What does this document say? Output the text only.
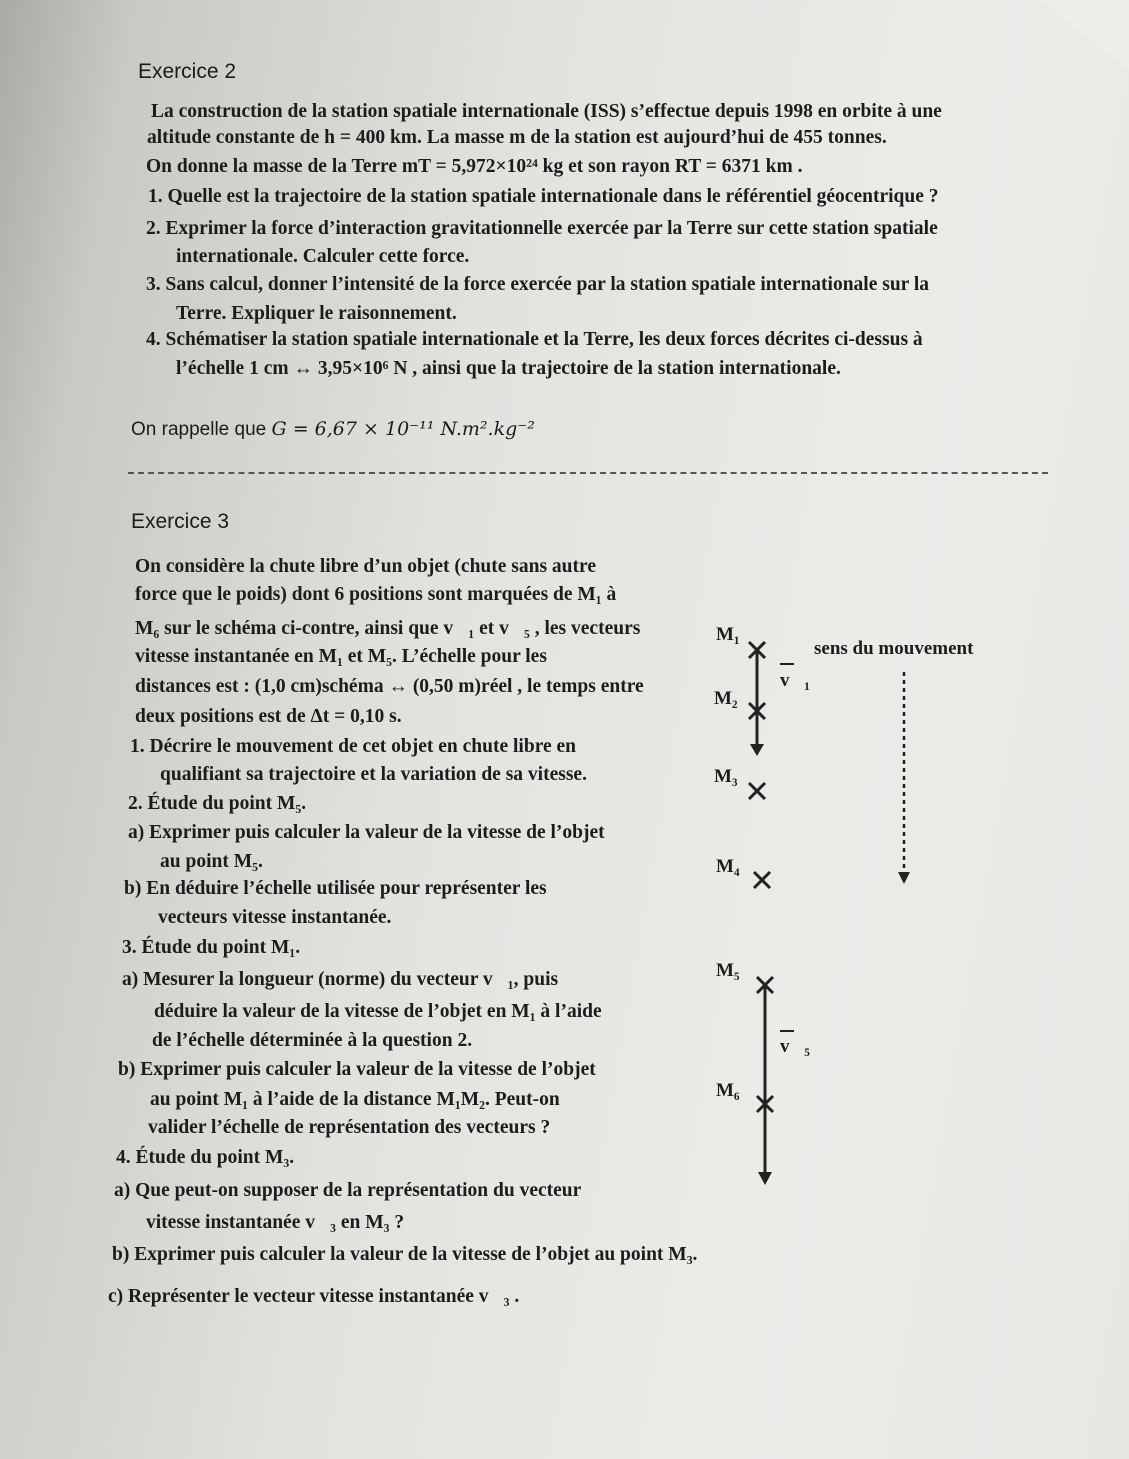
Exercice 2
La construction de la station spatiale internationale (ISS) s’effectue depuis 1998 en orbite à une
altitude constante de h = 400 km. La masse m de la station est aujourd’hui de 455 tonnes.
On donne la masse de la Terre mT = 5,972×10²⁴ kg et son rayon RT = 6371 km .
1. Quelle est la trajectoire de la station spatiale internationale dans le référentiel géocentrique ?
2. Exprimer la force d’interaction gravitationnelle exercée par la Terre sur cette station spatiale
internationale. Calculer cette force.
3. Sans calcul, donner l’intensité de la force exercée par la station spatiale internationale sur la
Terre. Expliquer le raisonnement.
4. Schématiser la station spatiale internationale et la Terre, les deux forces décrites ci-dessus à
l’échelle 1 cm ↔ 3,95×10⁶ N , ainsi que la trajectoire de la station internationale.
On rappelle que G = 6,67 × 10⁻¹¹ N.m².kg⁻²
Exercice 3
On considère la chute libre d’un objet (chute sans autre
force que le poids) dont 6 positions sont marquées de M₁ à
M₆ sur le schéma ci-contre, ainsi que v⃗₁ et v⃗₅ , les vecteurs
vitesse instantanée en M₁ et M₅. L’échelle pour les
distances est : (1,0 cm)schéma ↔ (0,50 m)réel , le temps entre
deux positions est de Δt = 0,10 s.
1. Décrire le mouvement de cet objet en chute libre en
qualifiant sa trajectoire et la variation de sa vitesse.
2. Étude du point M₅.
a) Exprimer puis calculer la valeur de la vitesse de l’objet
au point M₅.
b) En déduire l’échelle utilisée pour représenter les
vecteurs vitesse instantanée.
3. Étude du point M₁.
a) Mesurer la longueur (norme) du vecteur v⃗₁, puis
déduire la valeur de la vitesse de l’objet en M₁ à l’aide
de l’échelle déterminée à la question 2.
b) Exprimer puis calculer la valeur de la vitesse de l’objet
au point M₁ à l’aide de la distance M₁M₂. Peut-on
valider l’échelle de représentation des vecteurs ?
4. Étude du point M₃.
a) Que peut-on supposer de la représentation du vecteur
vitesse instantanée v⃗₃ en M₃ ?
b) Exprimer puis calculer la valeur de la vitesse de l’objet au point M₃.
c) Représenter le vecteur vitesse instantanée v⃗₃ .
M₁
M₂
M₃
M₄
M₅
M₆
v⃗₁
v⃗₅
sens du mouvement
